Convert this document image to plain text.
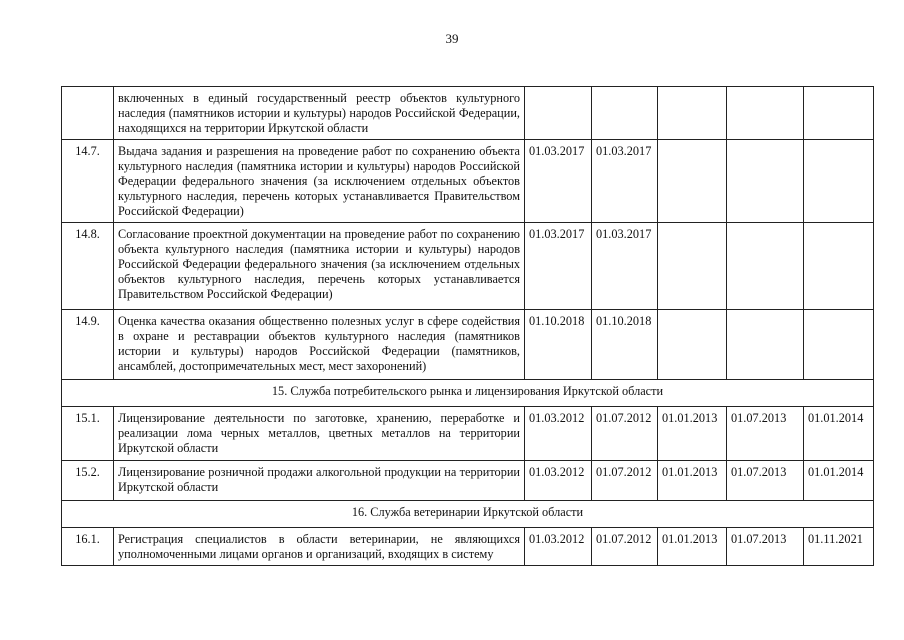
39
	включенных в единый государственный реестр объектов культурного наследия (памятников истории и культуры) народов Российской Федерации, находящихся на территории Иркутской области					
14.7.	Выдача задания и разрешения на проведение работ по сохранению объекта культурного наследия (памятника истории и культуры) народов Российской Федерации федерального значения (за исключением отдельных объектов культурного наследия, перечень которых устанавливается Правительством Российской Федерации)	01.03.2017	01.03.2017			
14.8.	Согласование проектной документации на проведение работ по сохранению объекта культурного наследия (памятника истории и культуры) народов Российской Федерации федерального значения (за исключением отдельных объектов культурного наследия, перечень которых устанавливается Правительством Российской Федерации)	01.03.2017	01.03.2017			
14.9.	Оценка качества оказания общественно полезных услуг в сфере содействия в охране и реставрации объектов культурного наследия (памятников истории и культуры) народов Российской Федерации (памятников, ансамблей, достопримечательных мест, мест захоронений)	01.10.2018	01.10.2018			
15. Служба потребительского рынка и лицензирования Иркутской области						
15.1.	Лицензирование деятельности по заготовке, хранению, переработке и реализации лома черных металлов, цветных металлов на территории Иркутской области	01.03.2012	01.07.2012	01.01.2013	01.07.2013	01.01.2014
15.2.	Лицензирование розничной продажи алкогольной продукции на территории Иркутской области	01.03.2012	01.07.2012	01.01.2013	01.07.2013	01.01.2014
16. Служба ветеринарии Иркутской области						
16.1.	Регистрация специалистов в области ветеринарии, не являющихся уполномоченными лицами органов и организаций, входящих в систему	01.03.2012	01.07.2012	01.01.2013	01.07.2013	01.11.2021
